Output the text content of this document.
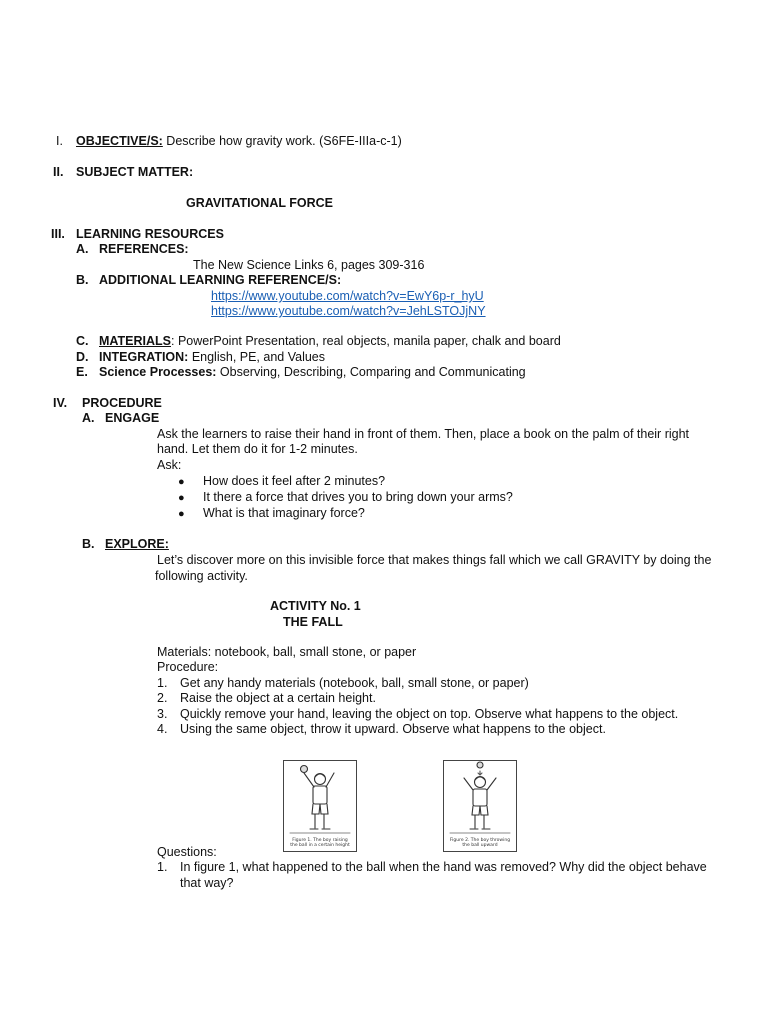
I. OBJECTIVE/S: Describe how gravity work. (S6FE-IIIa-c-1)
II. SUBJECT MATTER:
GRAVITATIONAL FORCE
III. LEARNING RESOURCES
A. REFERENCES:
The New Science Links 6, pages 309-316
B. ADDITIONAL LEARNING REFERENCE/S:
https://www.youtube.com/watch?v=EwY6p-r_hyU
https://www.youtube.com/watch?v=JehLSTOJjNY
C. MATERIALS: PowerPoint Presentation, real objects, manila paper, chalk and board
D. INTEGRATION: English, PE, and Values
E. Science Processes: Observing, Describing, Comparing and Communicating
IV. PROCEDURE
A. ENGAGE
Ask the learners to raise their hand in front of them. Then, place a book on the palm of their right
hand. Let them do it for 1-2 minutes.
Ask:
● How does it feel after 2 minutes?
● It there a force that drives you to bring down your arms?
● What is that imaginary force?
B. EXPLORE:
Let’s discover more on this invisible force that makes things fall which we call GRAVITY by doing the
following activity.
ACTIVITY No. 1
THE FALL
Materials: notebook, ball, small stone, or paper
Procedure:
1. Get any handy materials (notebook, ball, small stone, or paper)
2. Raise the object at a certain height.
3. Quickly remove your hand, leaving the object on top. Observe what happens to the object.
4. Using the same object, throw it upward. Observe what happens to the object.
Figure 1. The boy raising the ball in a certain height
Figure 2. The boy throwing the ball upward
Questions:
1. In figure 1, what happened to the ball when the hand was removed? Why did the object behave
that way?
